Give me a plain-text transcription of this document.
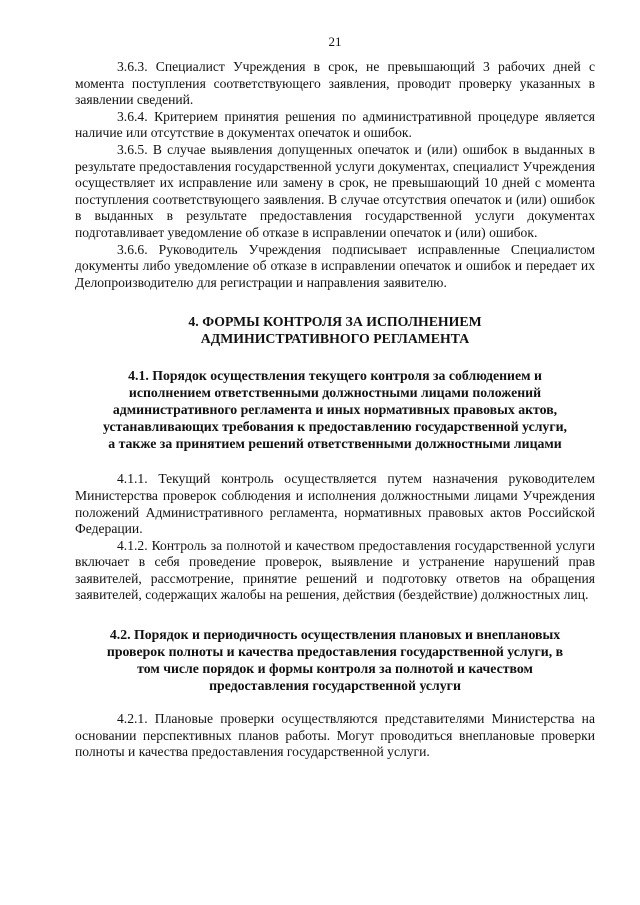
21

3.6.3. Специалист Учреждения в срок, не превышающий 3 рабочих дней с момента поступления соответствующего заявления, проводит проверку указанных в заявлении сведений.

3.6.4. Критерием принятия решения по административной процедуре является наличие или отсутствие в документах опечаток и ошибок.

3.6.5. В случае выявления допущенных опечаток и (или) ошибок в выданных в результате предоставления государственной услуги документах, специалист Учреждения осуществляет их исправление или замену в срок, не превышающий 10 дней с момента поступления соответствующего заявления. В случае отсутствия опечаток и (или) ошибок в выданных в результате предоставления государственной услуги документах подготавливает уведомление об отказе в исправлении опечаток и (или) ошибок.

3.6.6. Руководитель Учреждения подписывает исправленные Специалистом документы либо уведомление об отказе в исправлении опечаток и ошибок и передает их Делопроизводителю для регистрации и направления заявителю.

4. ФОРМЫ КОНТРОЛЯ ЗА ИСПОЛНЕНИЕМ
АДМИНИСТРАТИВНОГО РЕГЛАМЕНТА
4.1. Порядок осуществления текущего контроля за соблюдением и
исполнением ответственными должностными лицами положений
административного регламента и иных нормативных правовых актов,
устанавливающих требования к предоставлению государственной услуги,
а также за принятием решений ответственными должностными лицами

4.1.1. Текущий контроль осуществляется путем назначения руководителем Министерства проверок соблюдения и исполнения должностными лицами Учреждения положений Административного регламента, нормативных правовых актов Российской Федерации.

4.1.2. Контроль за полнотой и качеством предоставления государственной услуги включает в себя проведение проверок, выявление и устранение нарушений прав заявителей, рассмотрение, принятие решений и подготовку ответов на обращения заявителей, содержащих жалобы на решения, действия (бездействие) должностных лиц.

4.2. Порядок и периодичность осуществления плановых и внеплановых
проверок полноты и качества предоставления государственной услуги, в
том числе порядок и формы контроля за полнотой и качеством
предоставления государственной услуги

4.2.1. Плановые проверки осуществляются представителями Министерства на основании перспективных планов работы. Могут проводиться внеплановые проверки полноты и качества предоставления государственной услуги.
